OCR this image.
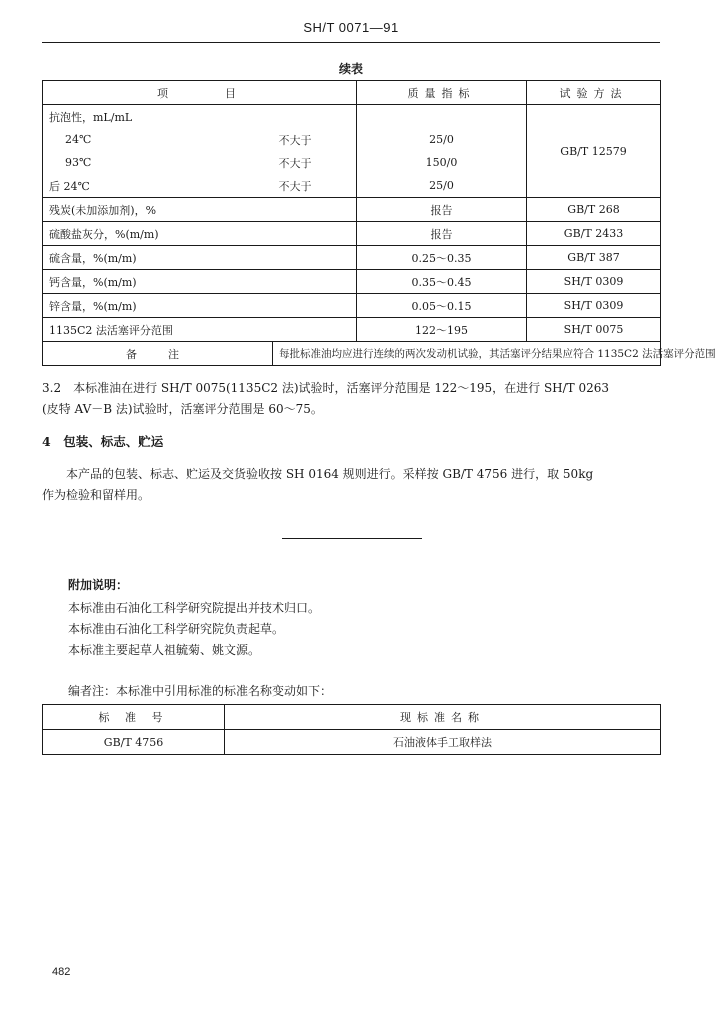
SH/T 0071—91
续表
项　　　目		质量指标	试验方法
抗泡性，mL/mL			GB/T 12579
24℃	不大于	25/0	
93℃	不大于	150/0	
后 24℃	不大于	25/0	
残炭(未加添加剂)，%		报告	GB/T 268
硫酸盐灰分，%(m/m)		报告	GB/T 2433
硫含量，%(m/m)		0.25～0.35	GB/T 387
钙含量，%(m/m)		0.35～0.45	SH/T 0309
锌含量，%(m/m)		0.05～0.15	SH/T 0309
1135C2 法活塞评分范围		122～195	SH/T 0075
备　注	每批标准油均应进行连续的两次发动机试验，其活塞评分结果应符合 1135C2 法活塞评分范围		
3.2　本标准油在进行 SH/T 0075(1135C2 法)试验时，活塞评分范围是 122～195，在进行 SH/T 0263
(皮特 AV－B 法)试验时，活塞评分范围是 60～75。
4　包装、标志、贮运
本产品的包装、标志、贮运及交货验收按 SH 0164 规则进行。采样按 GB/T 4756 进行，取 50kg
作为检验和留样用。
附加说明：
本标准由石油化工科学研究院提出并技术归口。
本标准由石油化工科学研究院负责起草。
本标准主要起草人祖毓菊、姚文源。
编者注：本标准中引用标准的标准名称变动如下：
标 准 号	现标准名称
GB/T 4756	石油液体手工取样法
482
